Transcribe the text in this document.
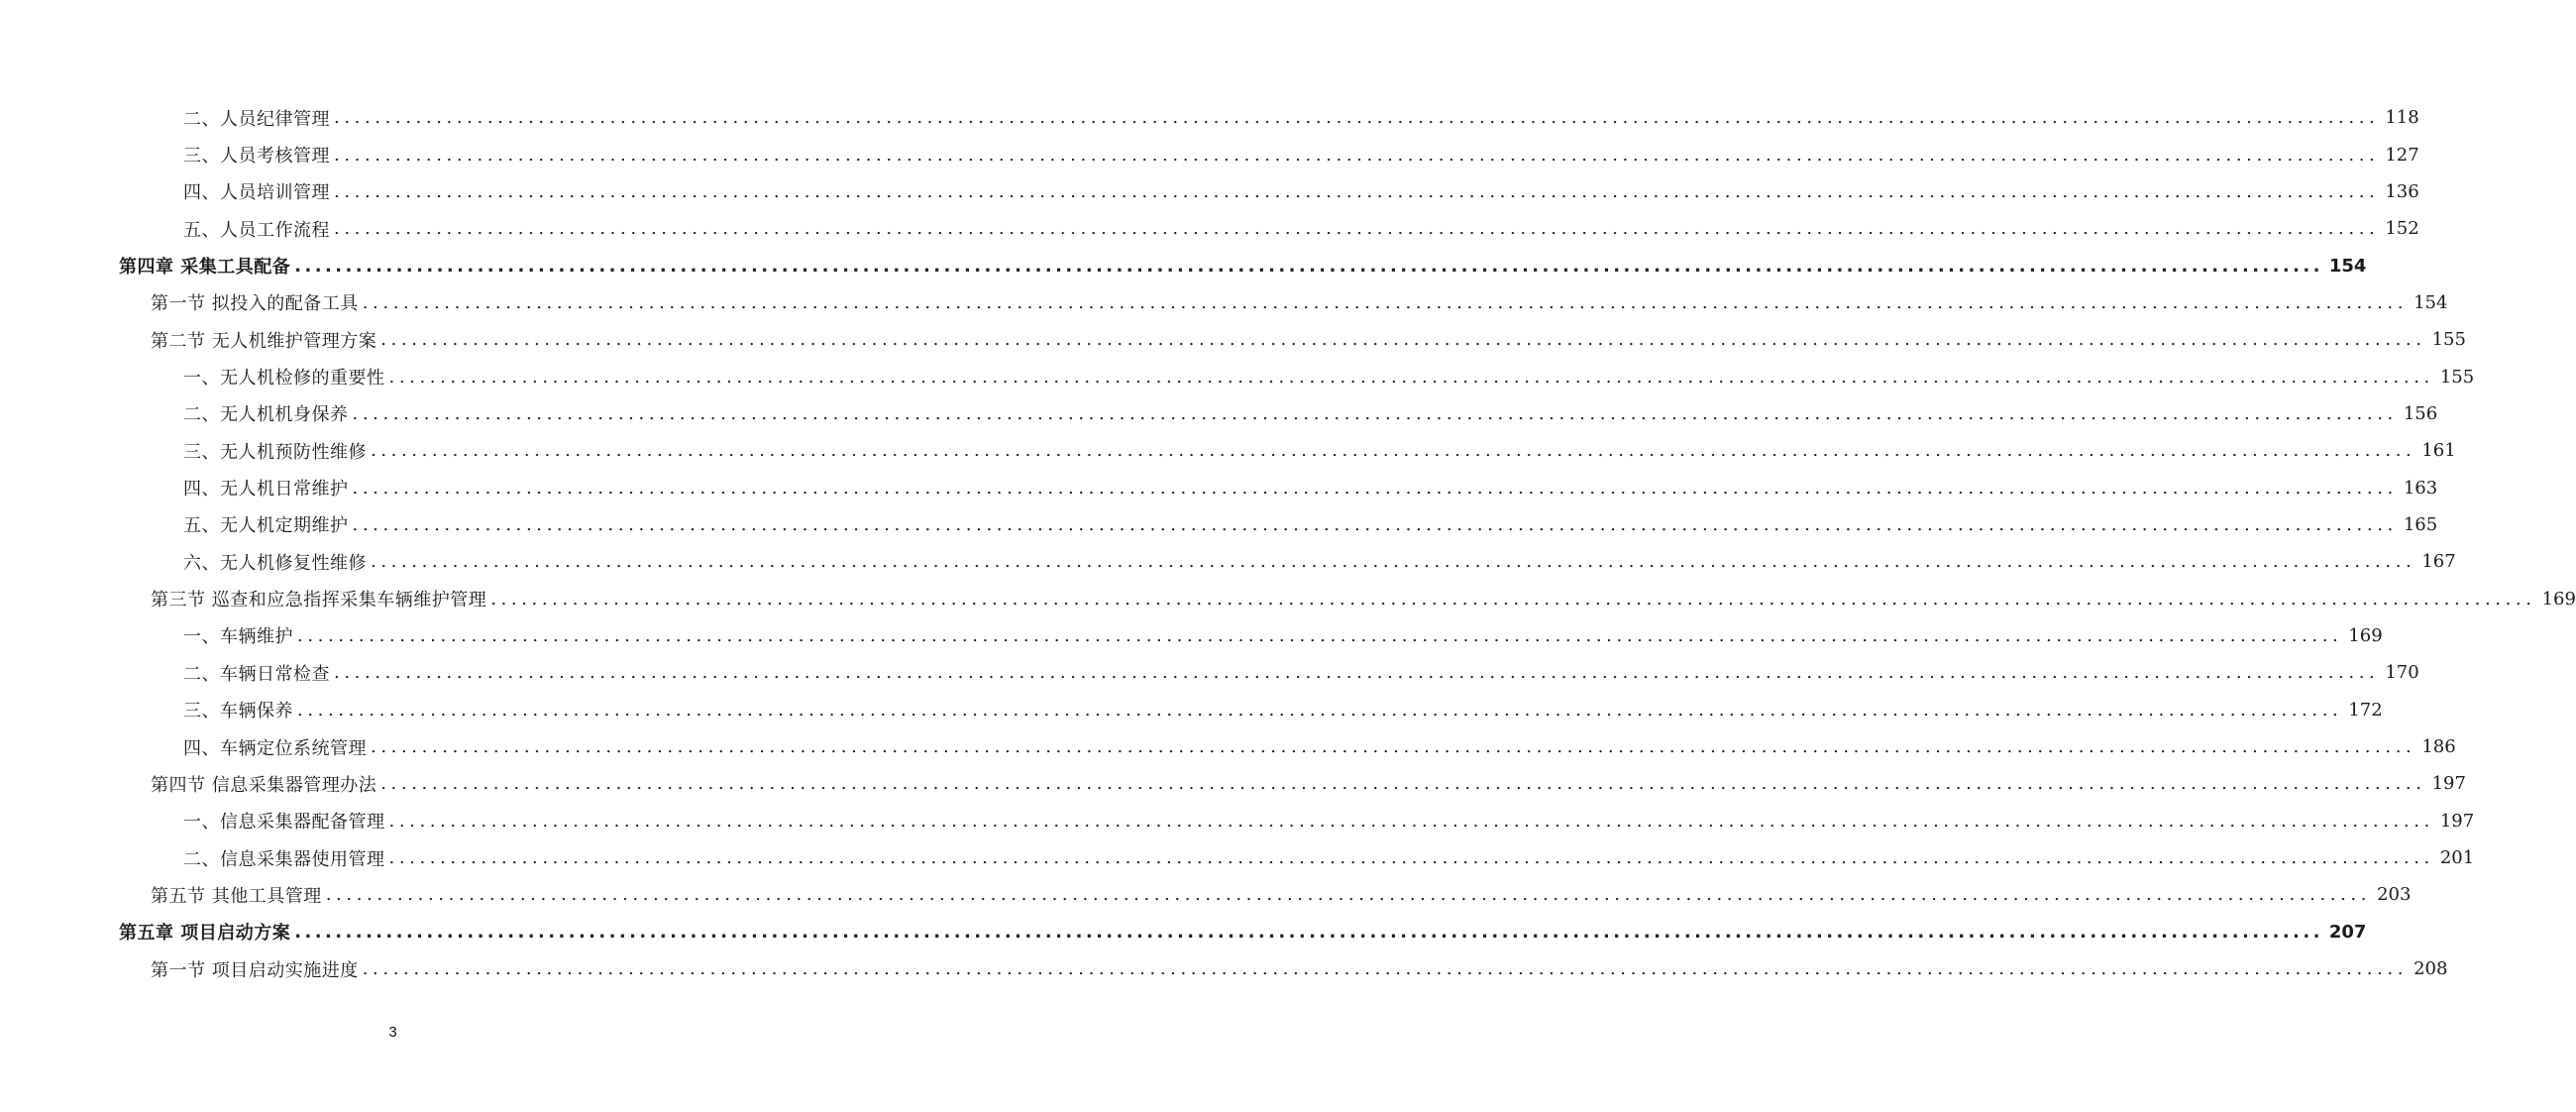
二、人员纪律管理 ........................................................................................................................................................................................................ 118
三、人员考核管理 ........................................................................................................................................................................................................ 127
四、人员培训管理 ........................................................................................................................................................................................................ 136
五、人员工作流程 ........................................................................................................................................................................................................ 152
第四章 采集工具配备 ........................................................................................................................................................................................................ 154
第一节 拟投入的配备工具 ........................................................................................................................................................................................................ 154
第二节 无人机维护管理方案 ........................................................................................................................................................................................................ 155
一、无人机检修的重要性 ........................................................................................................................................................................................................ 155
二、无人机机身保养 ........................................................................................................................................................................................................ 156
三、无人机预防性维修 ........................................................................................................................................................................................................ 161
四、无人机日常维护 ........................................................................................................................................................................................................ 163
五、无人机定期维护 ........................................................................................................................................................................................................ 165
六、无人机修复性维修 ........................................................................................................................................................................................................ 167
第三节 巡查和应急指挥采集车辆维护管理 ........................................................................................................................................................................................................ 169
一、车辆维护 ........................................................................................................................................................................................................ 169
二、车辆日常检查 ........................................................................................................................................................................................................ 170
三、车辆保养 ........................................................................................................................................................................................................ 172
四、车辆定位系统管理 ........................................................................................................................................................................................................ 186
第四节 信息采集器管理办法 ........................................................................................................................................................................................................ 197
一、信息采集器配备管理 ........................................................................................................................................................................................................ 197
二、信息采集器使用管理 ........................................................................................................................................................................................................ 201
第五节 其他工具管理 ........................................................................................................................................................................................................ 203
第五章 项目启动方案 ........................................................................................................................................................................................................ 207
第一节 项目启动实施进度 ........................................................................................................................................................................................................ 208
3
